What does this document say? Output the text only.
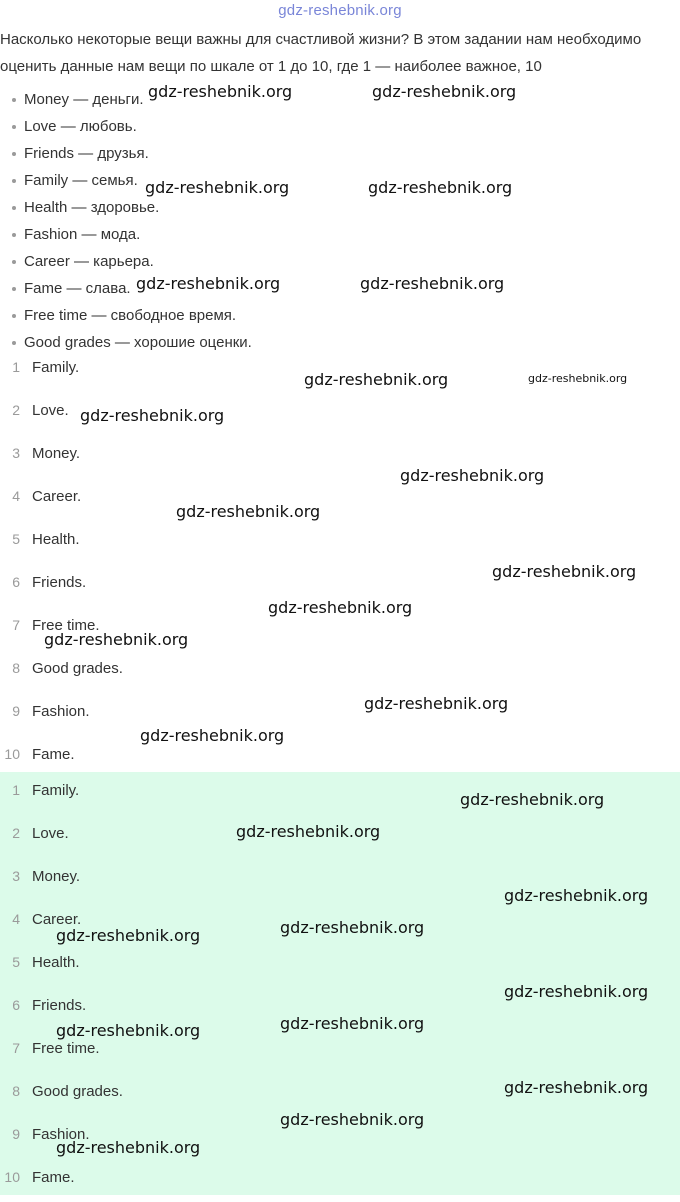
gdz-reshebnik.org
Насколько некоторые вещи важны для счастливой жизни? В этом задании нам необходимо оценить данные нам вещи по шкале от 1 до 10, где 1 — наиболее важное, 10
Money — деньги.
Love — любовь.
Friends — друзья.
Family — семья.
Health — здоровье.
Fashion — мода.
Career — карьера.
Fame — слава.
Free time — свободное время.
Good grades — хорошие оценки.
1 Family.
2 Love.
3 Money.
4 Career.
5 Health.
6 Friends.
7 Free time.
8 Good grades.
9 Fashion.
10 Fame.
1 Family.
2 Love.
3 Money.
4 Career.
5 Health.
6 Friends.
7 Free time.
8 Good grades.
9 Fashion.
10 Fame.
gdz-reshebnik.org	gdz-reshebnik.org
gdz-reshebnik.org	gdz-reshebnik.org
gdz-reshebnik.org	gdz-reshebnik.org
gdz-reshebnik.org
gdz-reshebnik.org
gdz-reshebnik.org
gdz-reshebnik.org
gdz-reshebnik.org
gdz-reshebnik.org
gdz-reshebnik.org
gdz-reshebnik.org
gdz-reshebnik.org
gdz-reshebnik.org
gdz-reshebnik.org
gdz-reshebnik.org
gdz-reshebnik.org	gdz-reshebnik.org
gdz-reshebnik.org
gdz-reshebnik.org	gdz-reshebnik.org
gdz-reshebnik.org
gdz-reshebnik.org
gdz-reshebnik.org
gdz-reshebnik.org
